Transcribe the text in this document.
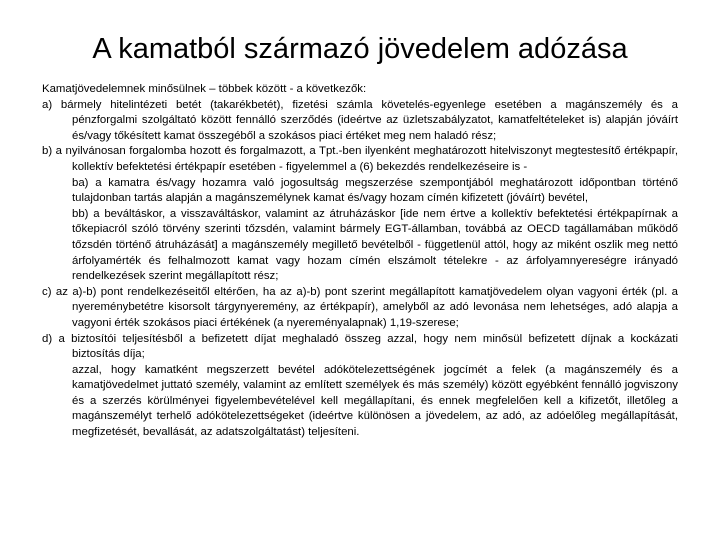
A kamatból származó jövedelem adózása

Kamatjövedelemnek minősülnek – többek között - a következők:

a) bármely hitelintézeti betét (takarékbetét), fizetési számla követelés-egyenlege esetében a magánszemély és a pénzforgalmi szolgáltató között fennálló szerződés (ideértve az üzletszabályzatot, kamatfeltételeket is) alapján jóváírt és/vagy tőkésített kamat összegéből a szokásos piaci értéket meg nem haladó rész;

b) a nyilvánosan forgalomba hozott és forgalmazott, a Tpt.-ben ilyenként meghatározott hitelviszonyt megtestesítő értékpapír, kollektív befektetési értékpapír esetében - figyelemmel a (6) bekezdés rendelkezéseire is -

ba) a kamatra és/vagy hozamra való jogosultság megszerzése szempontjából meghatározott időpontban történő tulajdonban tartás alapján a magánszemélynek kamat és/vagy hozam címén kifizetett (jóváírt) bevétel,

bb) a beváltáskor, a visszaváltáskor, valamint az átruházáskor [ide nem értve a kollektív befektetési értékpapírnak a tőkepiacról szóló törvény szerinti tőzsdén, valamint bármely EGT-államban, továbbá az OECD tagállamában működő tőzsdén történő átruházását] a magánszemély megillető bevételből - függetlenül attól, hogy az miként oszlik meg nettó árfolyamérték és felhalmozott kamat vagy hozam címén elszámolt tételekre - az árfolyamnyereségre irányadó rendelkezések szerint megállapított rész;

c) az a)-b) pont rendelkezéseitől eltérően, ha az a)-b) pont szerint megállapított kamatjövedelem olyan vagyoni érték (pl. a nyereménybetétre kisorsolt tárgynyeremény, az értékpapír), amelyből az adó levonása nem lehetséges, adó alapja a vagyoni érték szokásos piaci értékének (a nyereményalapnak) 1,19-szerese;

d) a biztosítói teljesítésből a befizetett díjat meghaladó összeg azzal, hogy nem minősül befizetett díjnak a kockázati biztosítás díja;

azzal, hogy kamatként megszerzett bevétel adókötelezettségének jogcímét a felek (a magánszemély és a kamatjövedelmet juttató személy, valamint az említett személyek és más személy) között egyébként fennálló jogviszony és a szerzés körülményei figyelembevételével kell megállapítani, és ennek megfelelően kell a kifizetőt, illetőleg a magánszemélyt terhelő adókötelezettségeket (ideértve különösen a jövedelem, az adó, az adóelőleg megállapítását, megfizetését, bevallását, az adatszolgáltatást) teljesíteni.
